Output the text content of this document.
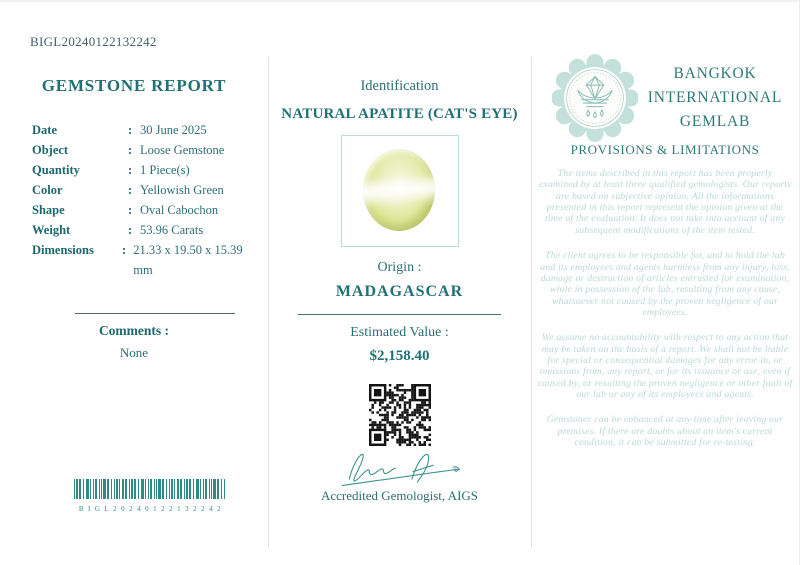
BIGL20240122132242
GEMSTONE REPORT
Date	: 30 June 2025
Object	: Loose Gemstone
Quantity	: 1 Piece(s)
Color	: Yellowish Green
Shape	: Oval Cabochon
Weight	: 53.96 Carats
Dimensions	: 21.33 x 19.50 x 15.39 mm
Comments :
None
BIGL20240122132242
Identification
NATURAL APATITE (CAT'S EYE)
Origin :
MADAGASCAR
Estimated Value :
$2,158.40
Accredited Gemologist, AIGS
BANGKOK
INTERNATIONAL
GEMLAB
PROVISIONS & LIMITATIONS

The items described in this report has been properly examined by at least three qualified gemologists. Our reports are based on subjective opinion. All the informations presented in this report represent the opinion given at the time of the evaluation. It does not take into account of any subsequent modifications of the item tested.

The client agrees to be responsible for, and to hold the lab and its employees and agents harmless from any injury, loss, damage or destruction of articles entrusted for examination, while in possession of the lab, resulting from any cause, whatsoever not caused by the proven negligence of our employees.

We assume no accountability with respect to any action that may be taken on the basis of a report. We shall not be liable for special or consequential damages for any error in, or omissions from, any report, or for its issuance or use, even if caused by, or resulting the proven negligence or other fault of our lab or any of its employees and agents.

Gemstones can be enhanced at any time after leaving our premises. If there are doubts about an item's current condition, it can be submitted for re-testing.
